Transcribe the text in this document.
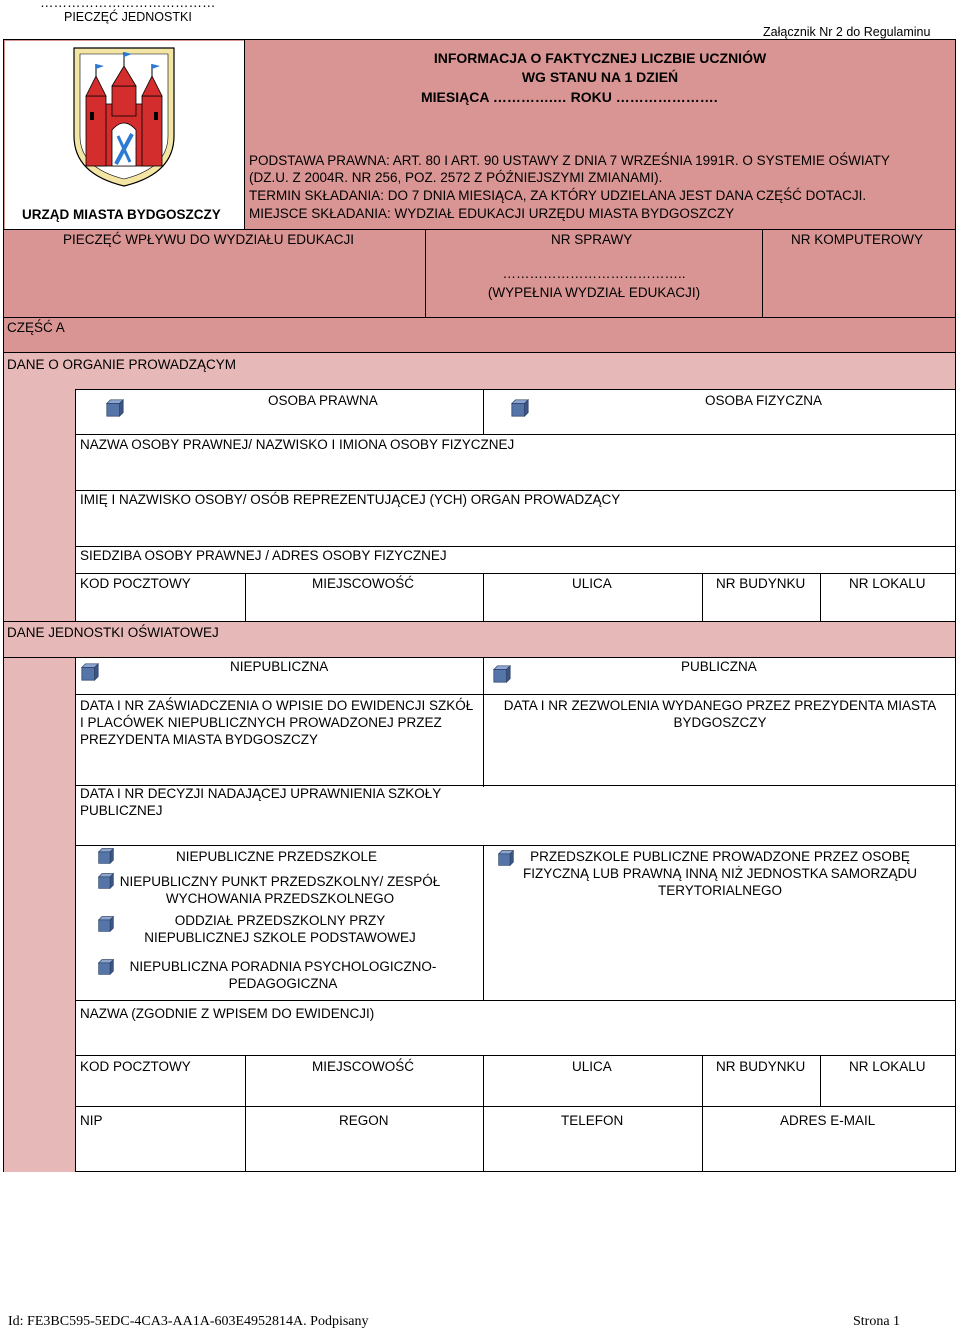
…………………………………
PIECZĘĆ JEDNOSTKI
Załącznik Nr 2 do Regulaminu
URZĄD MIASTA BYDGOSZCZY
INFORMACJA O FAKTYCZNEJ LICZBIE UCZNIÓW
WG STANU NA 1 DZIEŃ
MIESIĄCA ………….… ROKU ………………….
PODSTAWA PRAWNA: ART. 80 I ART. 90 USTAWY Z DNIA 7 WRZEŚNIA 1991R. O SYSTEMIE OŚWIATY
(DZ.U. Z 2004R. NR 256, POZ. 2572 Z PÓŹNIEJSZYMI ZMIANAMI).
TERMIN SKŁADANIA: DO 7 DNIA MIESIĄCA, ZA KTÓRY UDZIELANA JEST DANA CZĘŚĆ DOTACJI.
MIEJSCE SKŁADANIA: WYDZIAŁ EDUKACJI URZĘDU MIASTA BYDGOSZCZY
PIECZĘĆ WPŁYWU DO WYDZIAŁU EDUKACJI	NR SPRAWY	NR KOMPUTEROWY
…………………………………..
(WYPEŁNIA WYDZIAŁ EDUKACJI)
CZĘŚĆ A
DANE O ORGANIE PROWADZĄCYM
OSOBA PRAWNA	OSOBA FIZYCZNA
NAZWA OSOBY PRAWNEJ/ NAZWISKO I IMIONA OSOBY FIZYCZNEJ
IMIĘ I NAZWISKO OSOBY/ OSÓB REPREZENTUJĄCEJ (YCH) ORGAN PROWADZĄCY
SIEDZIBA OSOBY PRAWNEJ / ADRES OSOBY FIZYCZNEJ
KOD POCZTOWY	MIEJSCOWOŚĆ	ULICA	NR BUDYNKU	NR LOKALU
DANE JEDNOSTKI OŚWIATOWEJ
NIEPUBLICZNA	PUBLICZNA
DATA I NR ZAŚWIADCZENIA O WPISIE DO EWIDENCJI SZKÓŁ I PLACÓWEK NIEPUBLICZNYCH PROWADZONEJ PRZEZ PREZYDENTA MIASTA BYDGOSZCZY
DATA I NR ZEZWOLENIA WYDANEGO PRZEZ PREZYDENTA MIASTA BYDGOSZCZY
DATA I NR DECYZJI NADAJĄCEJ UPRAWNIENIA SZKOŁY PUBLICZNEJ
NIEPUBLICZNE PRZEDSZKOLE
NIEPUBLICZNY PUNKT PRZEDSZKOLNY/ ZESPÓŁ WYCHOWANIA PRZEDSZKOLNEGO
ODDZIAŁ PRZEDSZKOLNY PRZY NIEPUBLICZNEJ SZKOLE PODSTAWOWEJ
NIEPUBLICZNA PORADNIA PSYCHOLOGICZNO-PEDAGOGICZNA
PRZEDSZKOLE PUBLICZNE PROWADZONE PRZEZ OSOBĘ FIZYCZNĄ LUB PRAWNĄ INNĄ NIŻ JEDNOSTKA SAMORZĄDU TERYTORIALNEGO
NAZWA (ZGODNIE Z WPISEM DO EWIDENCJI)
KOD POCZTOWY	MIEJSCOWOŚĆ	ULICA	NR BUDYNKU	NR LOKALU
NIP	REGON	TELEFON	ADRES E-MAIL
Id: FE3BC595-5EDC-4CA3-AA1A-603E4952814A. Podpisany	Strona 1
